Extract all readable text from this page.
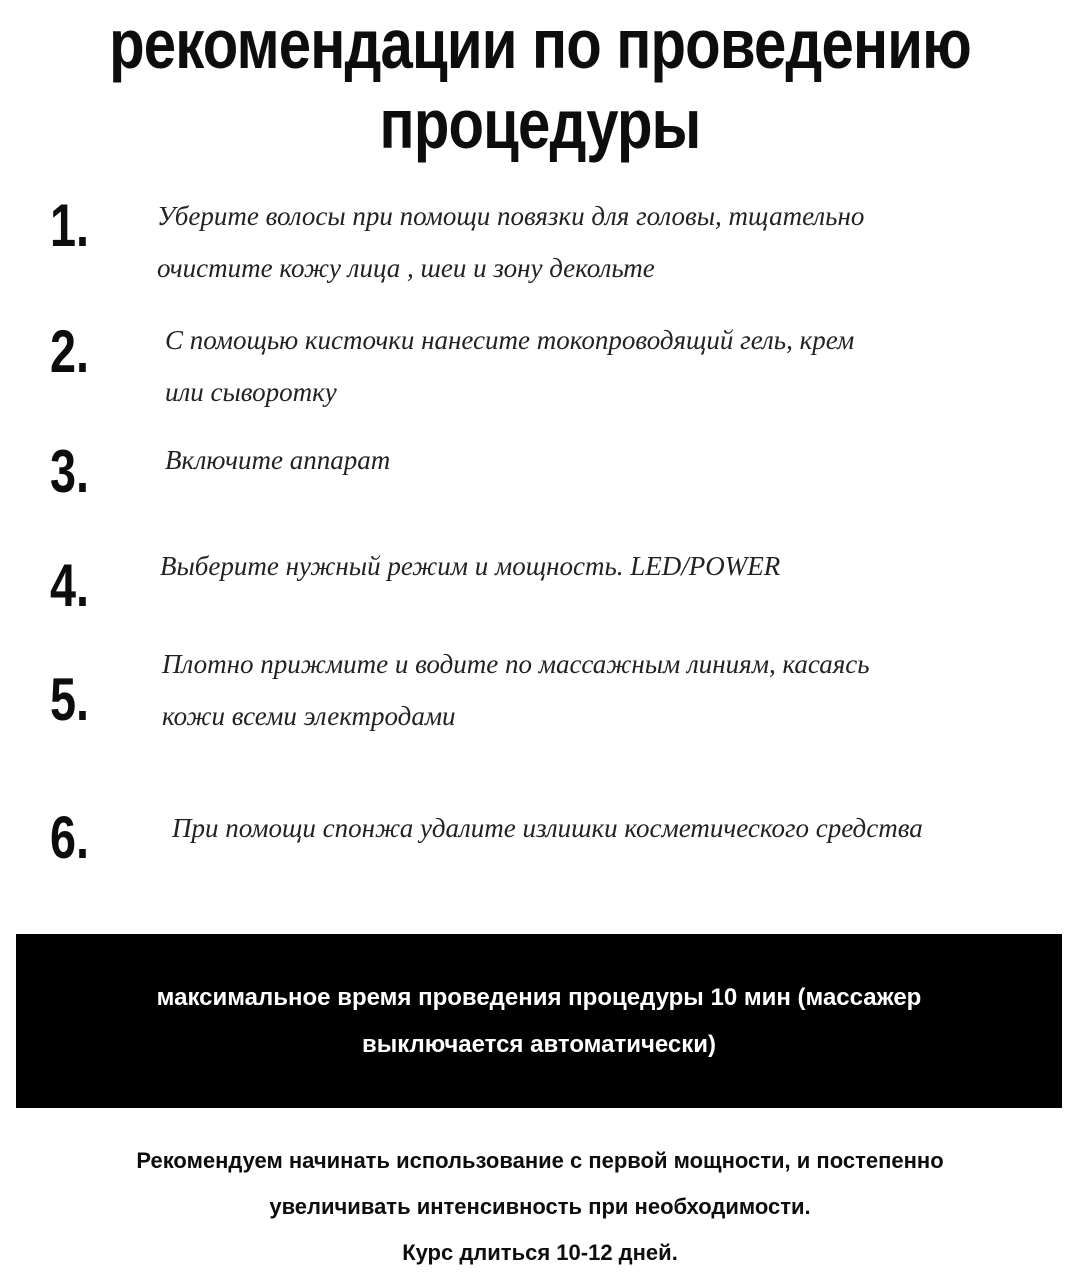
рекомендации по проведению
процедуры
1.	Уберите волосы при помощи повязки для головы, тщательно
очистите кожу лица , шеи и зону декольте
2.	С помощью кисточки нанесите токопроводящий гель, крем
или сыворотку
3.	Включите аппарат
4.	Выберите нужный режим и мощность. LED/POWER
5.
Плотно прижмите и водите по массажным линиям, касаясь
кожи всеми электродами
6.	При помощи спонжа удалите излишки косметического средства
максимальное время проведения процедуры 10 мин (массажер
выключается автоматически)
Рекомендуем начинать использование с первой мощности, и постепенно
увеличивать интенсивность при необходимости.
Курс длиться 10-12 дней.
